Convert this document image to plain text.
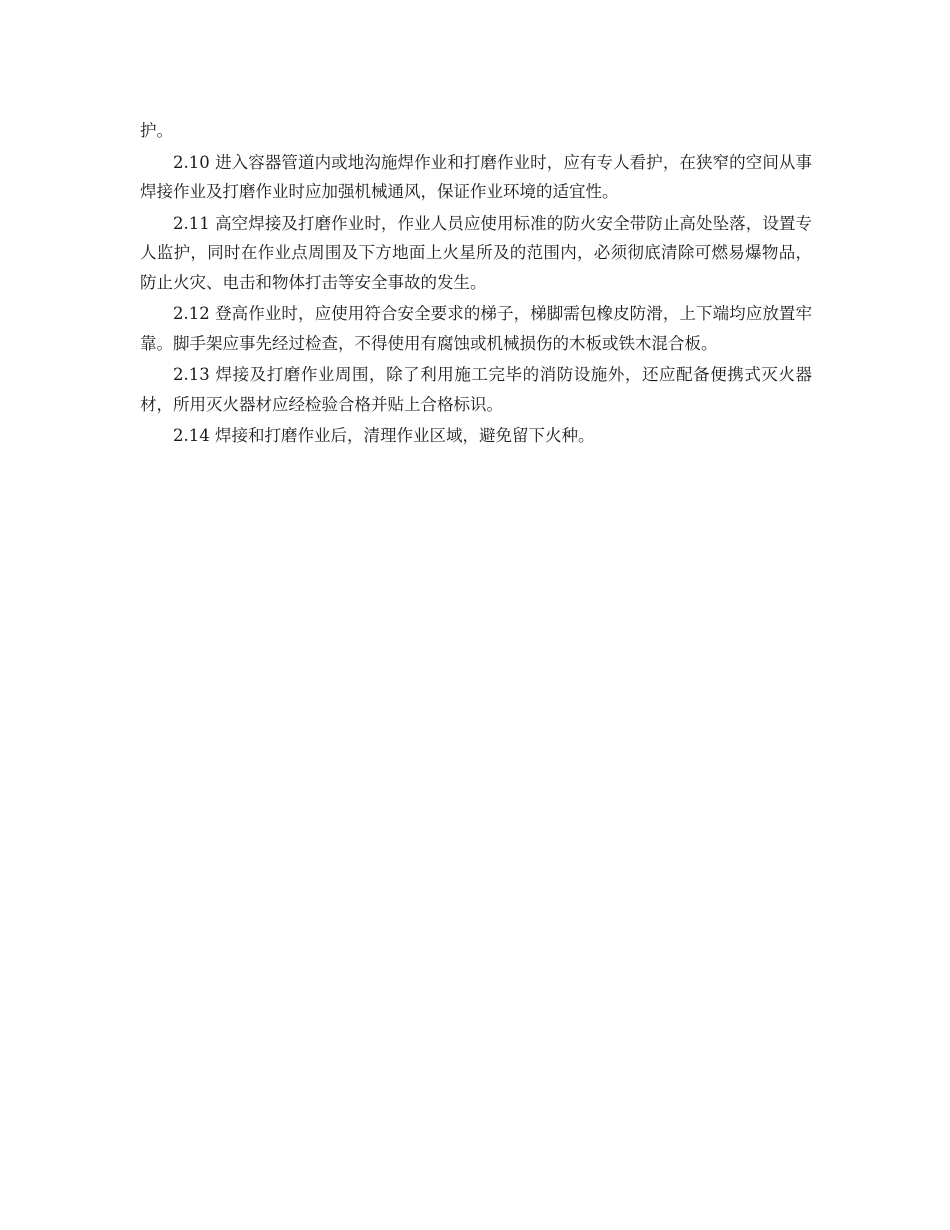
护。

2.10 进入容器管道内或地沟施焊作业和打磨作业时，应有专人看护，在狭窄的空间从事焊接作业及打磨作业时应加强机械通风，保证作业环境的适宜性。

2.11 高空焊接及打磨作业时，作业人员应使用标准的防火安全带防止高处坠落，设置专人监护，同时在作业点周围及下方地面上火星所及的范围内，必须彻底清除可燃易爆物品，防止火灾、电击和物体打击等安全事故的发生。

2.12 登高作业时，应使用符合安全要求的梯子，梯脚需包橡皮防滑，上下端均应放置牢靠。脚手架应事先经过检查，不得使用有腐蚀或机械损伤的木板或铁木混合板。

2.13 焊接及打磨作业周围，除了利用施工完毕的消防设施外，还应配备便携式灭火器材，所用灭火器材应经检验合格并贴上合格标识。

2.14 焊接和打磨作业后，清理作业区域，避免留下火种。
